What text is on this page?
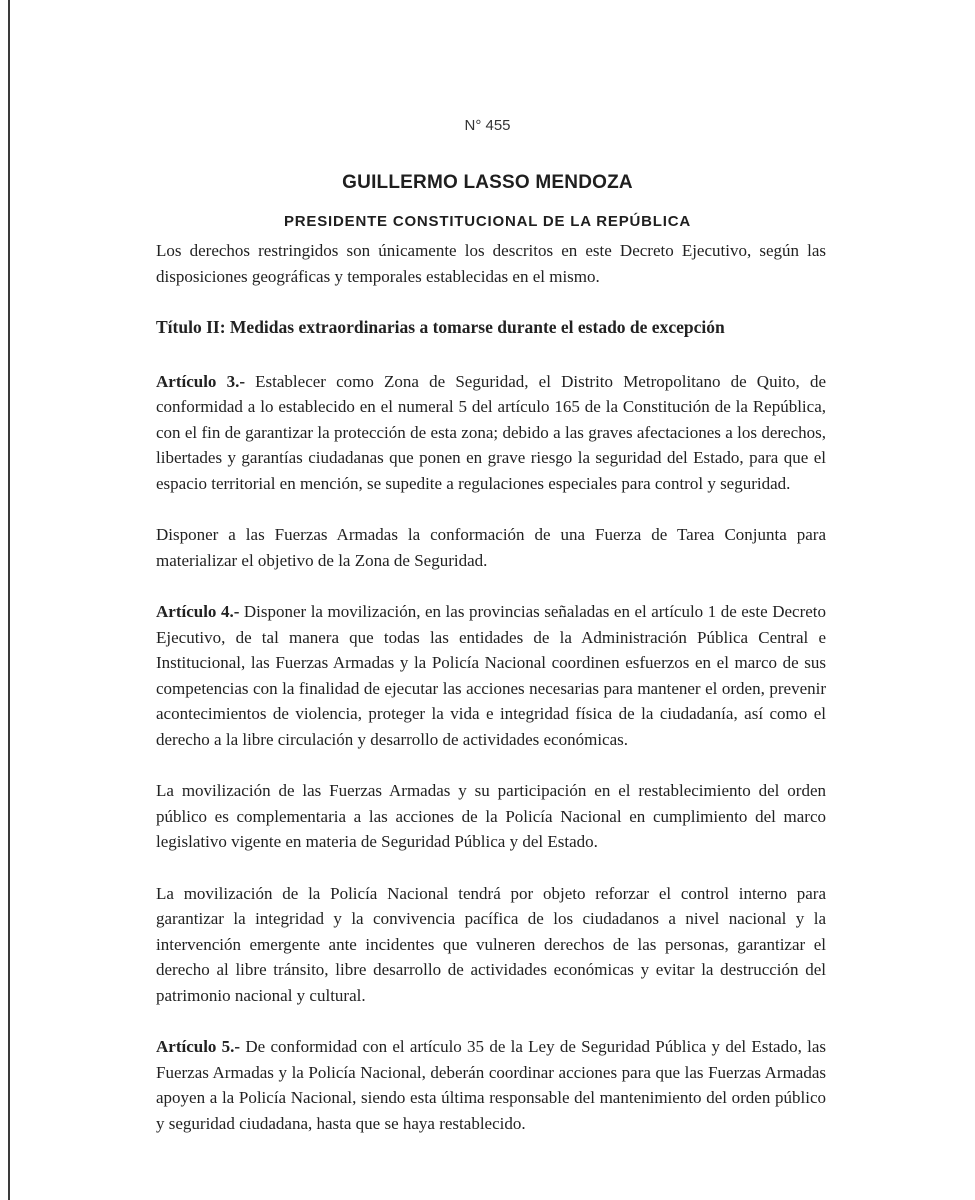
N° 455
GUILLERMO LASSO MENDOZA
PRESIDENTE CONSTITUCIONAL DE LA REPÚBLICA

Los derechos restringidos son únicamente los descritos en este Decreto Ejecutivo, según las disposiciones geográficas y temporales establecidas en el mismo.

Título II: Medidas extraordinarias a tomarse durante el estado de excepción

Artículo 3.- Establecer como Zona de Seguridad, el Distrito Metropolitano de Quito, de conformidad a lo establecido en el numeral 5 del artículo 165 de la Constitución de la República, con el fin de garantizar la protección de esta zona; debido a las graves afectaciones a los derechos, libertades y garantías ciudadanas que ponen en grave riesgo la seguridad del Estado, para que el espacio territorial en mención, se supedite a regulaciones especiales para control y seguridad.

Disponer a las Fuerzas Armadas la conformación de una Fuerza de Tarea Conjunta para materializar el objetivo de la Zona de Seguridad.

Artículo 4.- Disponer la movilización, en las provincias señaladas en el artículo 1 de este Decreto Ejecutivo, de tal manera que todas las entidades de la Administración Pública Central e Institucional, las Fuerzas Armadas y la Policía Nacional coordinen esfuerzos en el marco de sus competencias con la finalidad de ejecutar las acciones necesarias para mantener el orden, prevenir acontecimientos de violencia, proteger la vida e integridad física de la ciudadanía, así como el derecho a la libre circulación y desarrollo de actividades económicas.

La movilización de las Fuerzas Armadas y su participación en el restablecimiento del orden público es complementaria a las acciones de la Policía Nacional en cumplimiento del marco legislativo vigente en materia de Seguridad Pública y del Estado.

La movilización de la Policía Nacional tendrá por objeto reforzar el control interno para garantizar la integridad y la convivencia pacífica de los ciudadanos a nivel nacional y la intervención emergente ante incidentes que vulneren derechos de las personas, garantizar el derecho al libre tránsito, libre desarrollo de actividades económicas y evitar la destrucción del patrimonio nacional y cultural.

Artículo 5.- De conformidad con el artículo 35 de la Ley de Seguridad Pública y del Estado, las Fuerzas Armadas y la Policía Nacional, deberán coordinar acciones para que las Fuerzas Armadas apoyen a la Policía Nacional, siendo esta última responsable del mantenimiento del orden público y seguridad ciudadana, hasta que se haya restablecido.
